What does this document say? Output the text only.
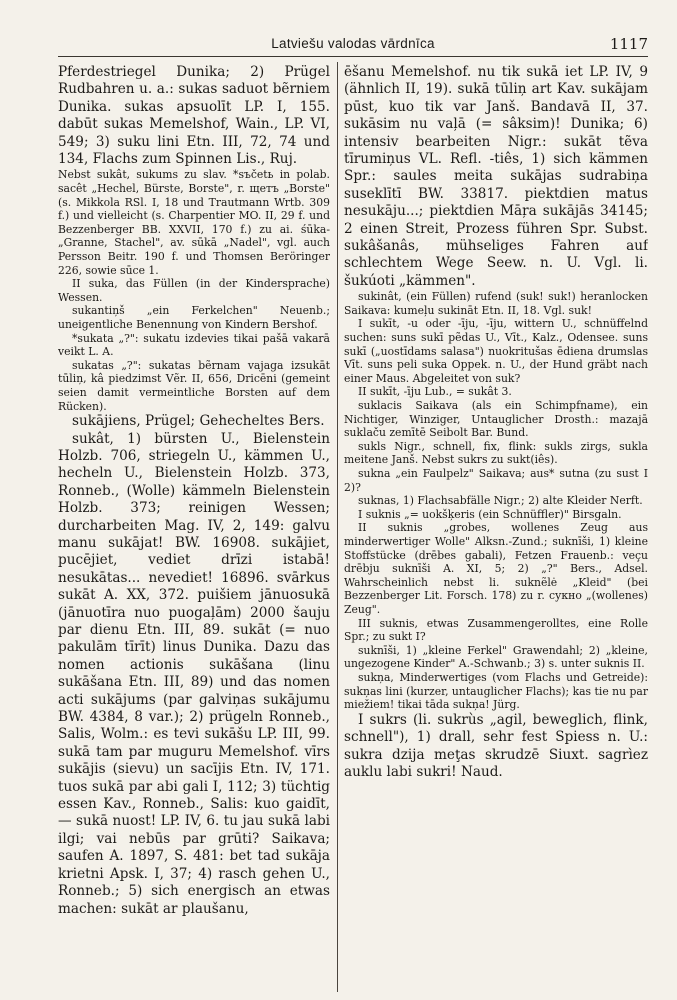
Latviešu valodas vārdnīca	1117

Pferdestriegel Dunika; 2) Prügel Rudbahren u. a.: sukas saduot bẽrniem Dunika. sukas apsuolīt LP. I, 155. dabūt sukas Memelshof, Wain., LP. VI, 549; 3) suku lini Etn. III, 72, 74 und 134, Flachs zum Spinnen Lis., Ruj.

Nebst sukât, sukums zu slav. *sъčetь in polab. sacêt „Hechel, Bürste, Borste", r. щетъ „Borste" (s. Mikkola RSl. I, 18 und Trautmann Wrtb. 309 f.) und vielleicht (s. Charpentier MO. II, 29 f. und Bezzenberger BB. XXVII, 170 f.) zu ai. śūka- „Granne, Stachel", av. sūkā „Nadel", vgl. auch Persson Beitr. 190 f. und Thomsen Beröringer 226, sowie sūce 1.

II suka, das Füllen (in der Kindersprache) Wessen.

sukantiņš „ein Ferkelchen" Neuenb.; uneigentliche Benennung von Kindern Bershof.

*sukata „?": sukatu izdevies tikai pašā vakarā veikt L. A.

sukatas „?": sukatas bẽrnam vajaga izsukāt tūliņ, kâ piedzimst Vẽr. II, 656, Dricēni (gemeint seien damit vermeintliche Borsten auf dem Rücken).

sukājiens, Prügel; Gehecheltes Bers.

sukât, 1) bürsten U., Bielenstein Holzb. 706, striegeln U., kämmen U., hecheln U., Bielenstein Holzb. 373, Ronneb., (Wolle) kämmeln Bielenstein Holzb. 373; reinigen Wessen; durcharbeiten Mag. IV, 2, 149: galvu manu sukājat! BW. 16908. sukājiet, pucējiet, vediet drīzi istabā! nesukātas... nevediet! 16896. svārkus sukāt A. XX, 372. puišiem jānuosukā (jānuotīra nuo puogaļām) 2000 šauju par dienu Etn. III, 89. sukāt (= nuo pakulām tīrīt) linus Dunika. Dazu das nomen actionis sukāšana (linu sukāšana Etn. III, 89) und das nomen acti sukājums (par galviņas sukājumu BW. 4384, 8 var.); 2) prügeln Ronneb., Salis, Wolm.: es tevi sukāšu LP. III, 99. sukā tam par muguru Memelshof. vīrs sukājis (sievu) un sacījis Etn. IV, 171. tuos sukā par abi gali I, 112; 3) tüchtig essen Kav., Ronneb., Salis: kuo gaidīt, — sukā nuost! LP. IV, 6. tu jau sukā labi ilgi; vai nebūs par grūti? Saikava; saufen A. 1897, S. 481: bet tad sukāja krietni Apsk. I, 37; 4) rasch gehen U., Ronneb.; 5) sich energisch an etwas machen: sukāt ar plaušanu,

ēšanu Memelshof. nu tik sukā iet LP. IV, 9 (ähnlich II, 19). sukā tūliņ art Kav. sukājam pūst, kuo tik var Janš. Bandavā II, 37. sukāsim nu vaļā (= sâksim)! Dunika; 6) intensiv bearbeiten Nigr.: sukāt tẽva tīrumiņus VL. Refl. -tiês, 1) sich kämmen Spr.: saules meita sukājas sudrabiņa suseklītī BW. 33817. piektdien matus nesukāju...; piektdien Māŗa sukājās 34145; 2 einen Streit, Prozess führen Spr. Subst. sukâšanâs, mühseliges Fahren auf schlechtem Wege Seew. n. U. Vgl. li. šukúoti „kämmen".

sukinât, (ein Füllen) rufend (suk! suk!) heranlocken Saikava: kumeļu sukināt Etn. II, 18. Vgl. suk!

I sukīt, -u oder -īju, -īju, wittern U., schnüffelnd suchen: suns sukī pẽdas U., Vīt., Kalz., Odensee. suns sukī („uostīdams salasa") nuokritušas ēdiena drumslas Vīt. suns peli suka Oppek. n. U., der Hund gräbt nach einer Maus. Abgeleitet von suk?

II sukīt, -īju Lub., = sukât 3.

suklacis Saikava (als ein Schimpfname), ein Nichtiger, Winziger, Untauglicher Drosth.: mazajā suklaču zemītē Seibolt Bar. Bund.

sukls Nigr., schnell, fix, flink: sukls zirgs, sukla meitene Janš. Nebst sukrs zu sukt(iês).

sukna „ein Faulpelz" Saikava; aus* sutna (zu sust I 2)?

suknas, 1) Flachsabfälle Nigr.; 2) alte Kleider Nerft.

I suknis „= uokšķeris (ein Schnüffler)" Birsgaln.

II suknis „grobes, wollenes Zeug aus minderwertiger Wolle" Alksn.-Zund.; suknīši, 1) kleine Stoffstücke (drēbes gabali), Fetzen Frauenb.: veçu drēbju suknīši A. XI, 5; 2) „?" Bers., Adsel. Wahrscheinlich nebst li. suknẽlė „Kleid" (bei Bezzenberger Lit. Forsch. 178) zu r. сукно „(wollenes) Zeug".

III suknis, etwas Zusammengerolltes, eine Rolle Spr.; zu sukt I?

suknīši, 1) „kleine Ferkel" Grawendahl; 2) „kleine, ungezogene Kinder" A.-Schwanb.; 3) s. unter suknis II.

sukņa, Minderwertiges (vom Flachs und Getreide): sukņas lini (kurzer, untauglicher Flachs); kas tie nu par miežiem! tikai tāda sukņa! Jürg.

I sukrs (li. sukrùs „agil, beweglich, flink, schnell"), 1) drall, sehr fest Spiess n. U.: sukra dzija meţas skrudzē Siuxt. sagrìez auklu labi sukri! Naud.
